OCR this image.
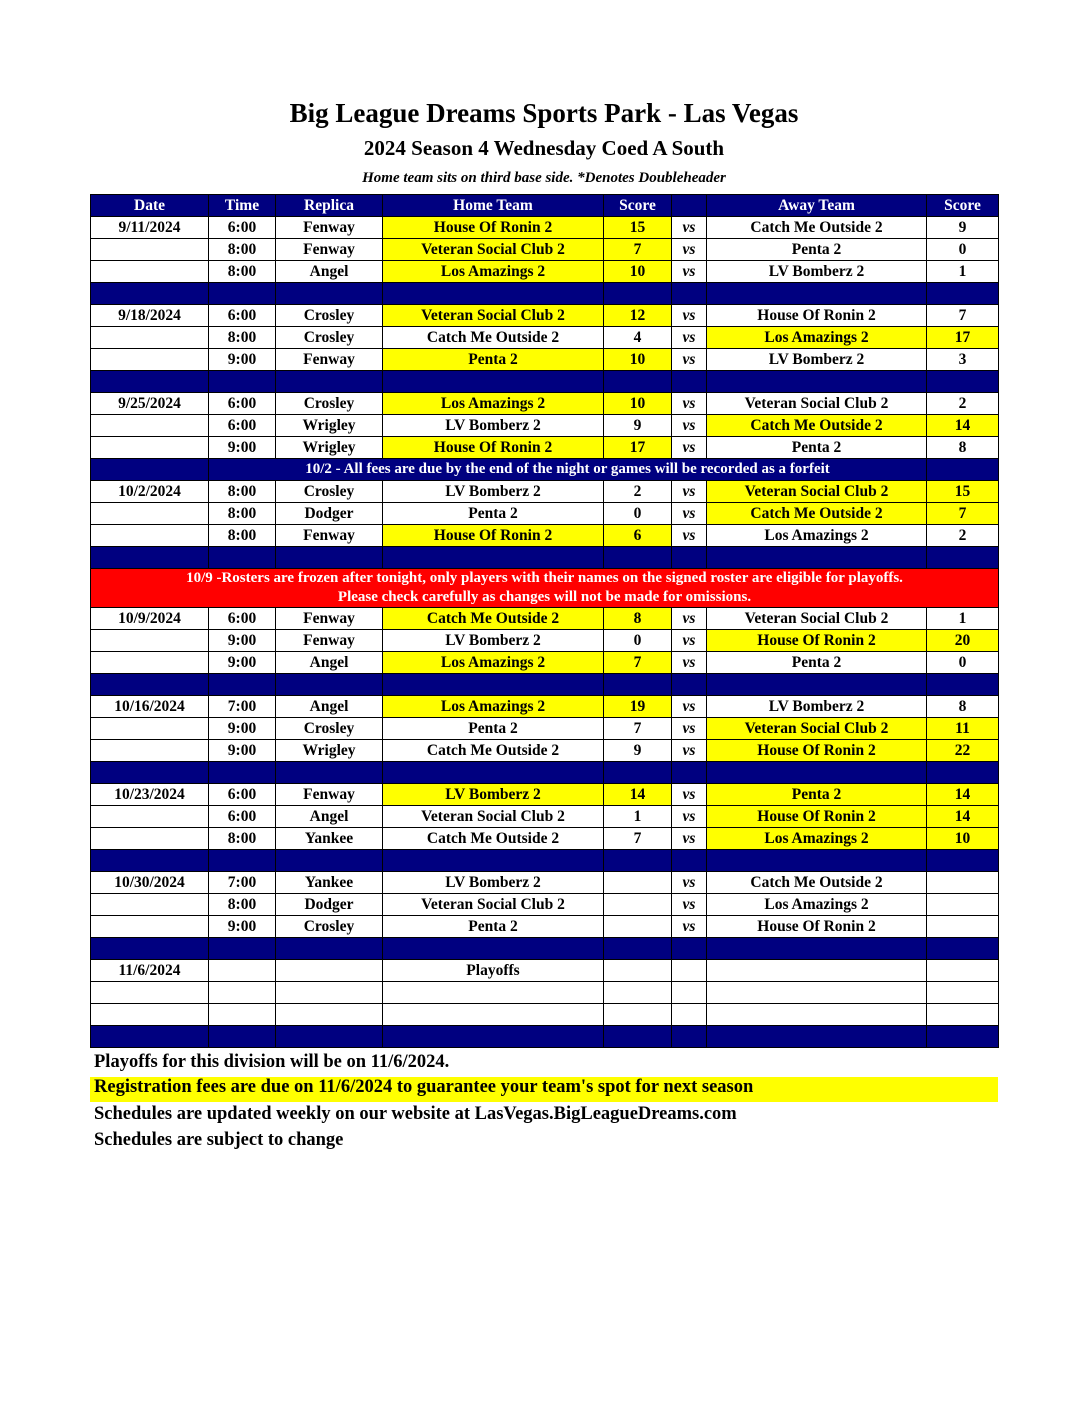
Big League Dreams Sports Park - Las Vegas
2024 Season 4 Wednesday Coed A South
Home team sits on third base side. *Denotes Doubleheader
Date	Time	Replica	Home Team	Score		Away Team	Score
9/11/2024	6:00	Fenway	House Of Ronin 2	15	vs	Catch Me Outside 2	9
	8:00	Fenway	Veteran Social Club 2	7	vs	Penta 2	0
	8:00	Angel	Los Amazings 2	10	vs	LV Bomberz 2	1

9/18/2024	6:00	Crosley	Veteran Social Club 2	12	vs	House Of Ronin 2	7
	8:00	Crosley	Catch Me Outside 2	4	vs	Los Amazings 2	17
	9:00	Fenway	Penta 2	10	vs	LV Bomberz 2	3

9/25/2024	6:00	Crosley	Los Amazings 2	10	vs	Veteran Social Club 2	2
	6:00	Wrigley	LV Bomberz 2	9	vs	Catch Me Outside 2	14
	9:00	Wrigley	House Of Ronin 2	17	vs	Penta 2	8
	10/2 - All fees are due by the end of the night or games will be recorded as a forfeit						
10/2/2024	8:00	Crosley	LV Bomberz 2	2	vs	Veteran Social Club 2	15
	8:00	Dodger	Penta 2	0	vs	Catch Me Outside 2	7
	8:00	Fenway	House Of Ronin 2	6	vs	Los Amazings 2	2

10/9 -Rosters are frozen after tonight, only players with their names on the signed roster are eligible for playoffs.
Please check carefully as changes will not be made for omissions.							

10/9/2024	6:00	Fenway	Catch Me Outside 2	8	vs	Veteran Social Club 2	1
	9:00	Fenway	LV Bomberz 2	0	vs	House Of Ronin 2	20
	9:00	Angel	Los Amazings 2	7	vs	Penta 2	0

10/16/2024	7:00	Angel	Los Amazings 2	19	vs	LV Bomberz 2	8
	9:00	Crosley	Penta 2	7	vs	Veteran Social Club 2	11
	9:00	Wrigley	Catch Me Outside 2	9	vs	House Of Ronin 2	22

10/23/2024	6:00	Fenway	LV Bomberz 2	14	vs	Penta 2	14
	6:00	Angel	Veteran Social Club 2	1	vs	House Of Ronin 2	14
	8:00	Yankee	Catch Me Outside 2	7	vs	Los Amazings 2	10

10/30/2024	7:00	Yankee	LV Bomberz 2		vs	Catch Me Outside 2	
	8:00	Dodger	Veteran Social Club 2		vs	Los Amazings 2	
	9:00	Crosley	Penta 2		vs	House Of Ronin 2	

11/6/2024			Playoffs				

Playoffs for this division will be on 11/6/2024.
Registration fees are due on 11/6/2024 to guarantee your team's spot for next season
Schedules are updated weekly on our website at LasVegas.BigLeagueDreams.com
Schedules are subject to change
